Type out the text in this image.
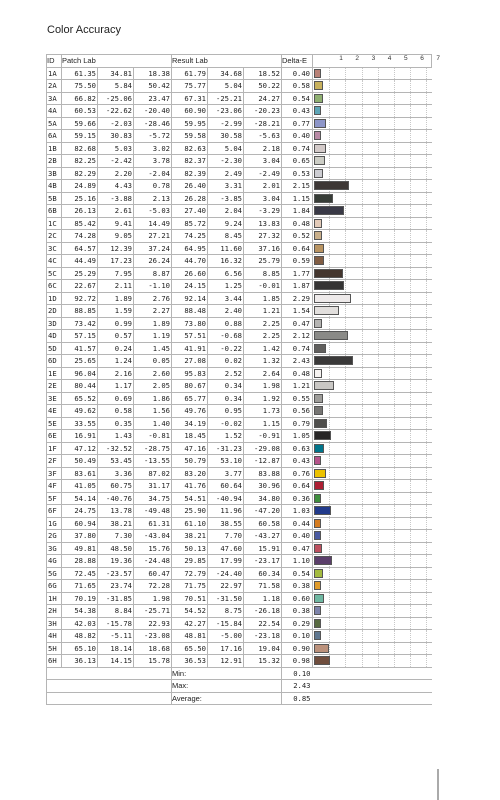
Color Accuracy
1 2 3 4 5 6 7
ID	Patch Lab			Result Lab			Delta-E	
1A	61.35	34.81	18.38	61.79	34.68	18.52	0.40	

2A	75.50	5.84	50.42	75.77	5.04	50.22	0.58	

3A	66.82	-25.06	23.47	67.31	-25.21	24.27	0.54	

4A	60.53	-22.62	-20.40	60.90	-23.06	-20.23	0.43	

5A	59.66	-2.03	-28.46	59.95	-2.99	-28.21	0.77	

6A	59.15	30.83	-5.72	59.58	30.58	-5.63	0.40	

1B	82.68	5.03	3.02	82.63	5.04	2.18	0.74	

2B	82.25	-2.42	3.78	82.37	-2.30	3.04	0.65	

3B	82.29	2.20	-2.04	82.39	2.49	-2.49	0.53	

4B	24.89	4.43	0.78	26.40	3.31	2.01	2.15	

5B	25.16	-3.88	2.13	26.28	-3.85	3.04	1.15	

6B	26.13	2.61	-5.03	27.40	2.04	-3.29	1.84	

1C	85.42	9.41	14.49	85.72	9.24	13.83	0.48	

2C	74.28	9.05	27.21	74.25	8.45	27.32	0.52	

3C	64.57	12.39	37.24	64.95	11.60	37.16	0.64	

4C	44.49	17.23	26.24	44.70	16.32	25.79	0.59	

5C	25.29	7.95	8.87	26.60	6.56	8.85	1.77	

6C	22.67	2.11	-1.10	24.15	1.25	-0.01	1.87	

1D	92.72	1.89	2.76	92.14	3.44	1.85	2.29	

2D	88.85	1.59	2.27	88.48	2.40	1.21	1.54	

3D	73.42	0.99	1.89	73.80	0.88	2.25	0.47	

4D	57.15	0.57	1.19	57.51	-0.68	2.25	2.12	

5D	41.57	0.24	1.45	41.91	-0.22	1.42	0.74	

6D	25.65	1.24	0.05	27.08	0.02	1.32	2.43	

1E	96.04	2.16	2.60	95.83	2.52	2.64	0.48	

2E	80.44	1.17	2.05	80.67	0.34	1.98	1.21	

3E	65.52	0.69	1.86	65.77	0.34	1.92	0.55	

4E	49.62	0.58	1.56	49.76	0.95	1.73	0.56	

5E	33.55	0.35	1.40	34.19	-0.02	1.15	0.79	

6E	16.91	1.43	-0.81	18.45	1.52	-0.91	1.05	

1F	47.12	-32.52	-28.75	47.16	-31.23	-29.08	0.63	

2F	50.49	53.45	-13.55	50.79	53.10	-12.87	0.43	

3F	83.61	3.36	87.02	83.20	3.77	83.88	0.76	

4F	41.05	60.75	31.17	41.76	60.64	30.96	0.64	

5F	54.14	-40.76	34.75	54.51	-40.94	34.80	0.36	

6F	24.75	13.78	-49.48	25.90	11.96	-47.20	1.03	

1G	60.94	38.21	61.31	61.10	38.55	60.58	0.44	

2G	37.80	7.30	-43.04	38.21	7.70	-43.27	0.40	

3G	49.81	48.50	15.76	50.13	47.60	15.91	0.47	

4G	28.88	19.36	-24.48	29.85	17.99	-23.17	1.10	

5G	72.45	-23.57	60.47	72.79	-24.40	60.34	0.54	

6G	71.65	23.74	72.28	71.75	22.97	71.58	0.38	

1H	70.19	-31.85	1.98	70.51	-31.50	1.18	0.60	

2H	54.38	8.84	-25.71	54.52	8.75	-26.18	0.38	

3H	42.03	-15.78	22.93	42.27	-15.84	22.54	0.29	

4H	48.82	-5.11	-23.08	48.81	-5.00	-23.18	0.10	

5H	65.10	18.14	18.68	65.50	17.16	19.04	0.90	

6H	36.13	14.15	15.78	36.53	12.91	15.32	0.98	

				Min:			0.10	
				Max:			2.43	
				Average:			0.85	
